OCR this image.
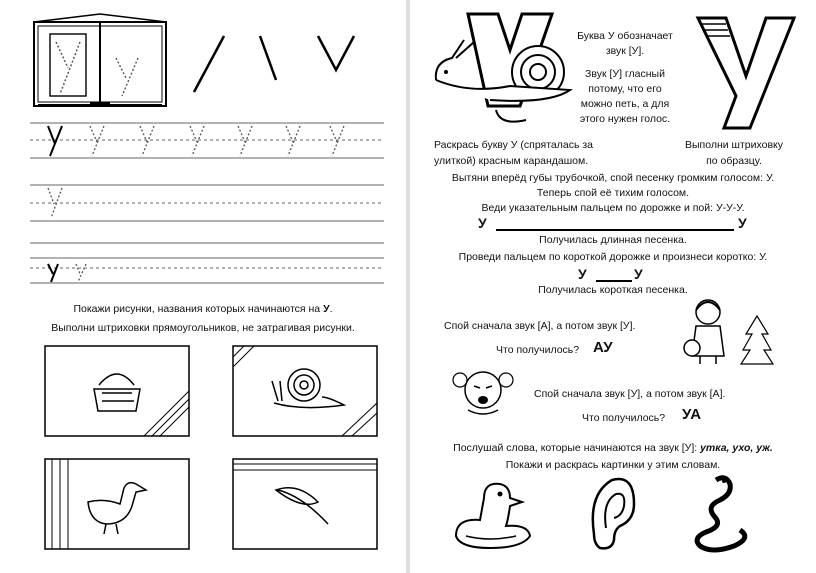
Покажи рисунки, названия которых начинаются на У.
Выполни штриховки прямоугольников, не затрагивая рисунки.
Буква У обозначает
звук [У].
Звук [У] гласный
потому, что его
можно петь, а для
этого нужен голос.
Раскрась букву У (спряталась за
улиткой) красным карандашом.
Выполни штриховку
по образцу.
Вытяни вперёд губы трубочкой, спой песенку громким голосом: У.
Теперь спой её тихим голосом.
Веди указательным пальцем по дорожке и пой: У-У-У.
У	У
Получилась длинная песенка.
Проведи пальцем по короткой дорожке и произнеси коротко: У.
У	У
Получилась короткая песенка.
Спой сначала звук [А], а потом звук [У].
Что получилось? АУ
Спой сначала звук [У], а потом звук [А].
Что получилось? УА
Послушай слова, которые начинаются на звук [У]: утка, ухо, уж.
Покажи и раскрась картинки у этим словам.
